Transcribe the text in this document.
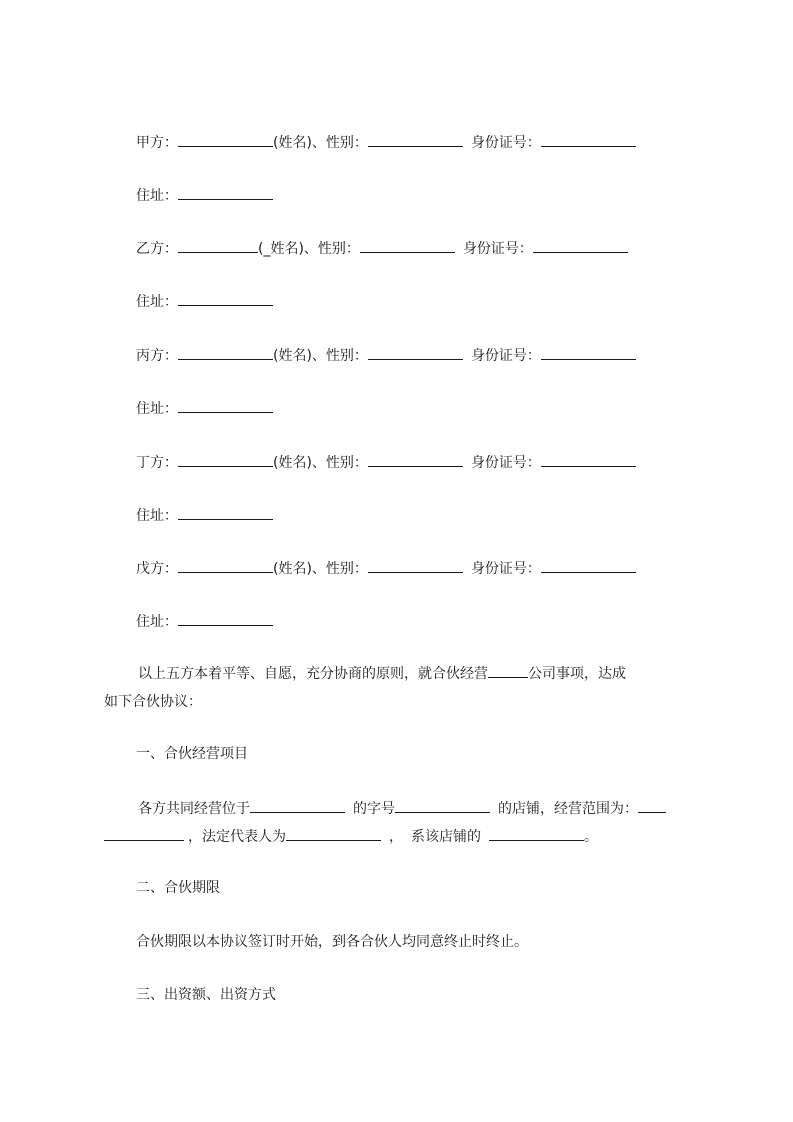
甲方：	(姓名)、性别：	身份证号：
住址：
乙方：	(_姓名)、性别：	身份证号：
住址：
丙方：	(姓名)、性别：	身份证号：
住址：
丁方：	(姓名)、性别：	身份证号：
住址：
戊方：	(姓名)、性别：	身份证号：
住址：
以上五方本着平等、自愿，充分协商的原则，就合伙经营	公司事项，达成
如下合伙协议：
一、合伙经营项目
各方共同经营位于	的字号	的店铺，经营范围为：
，法定代表人为	， 系该店铺的	。
二、合伙期限
合伙期限以本协议签订时开始，到各合伙人均同意终止时终止。
三、出资额、出资方式
